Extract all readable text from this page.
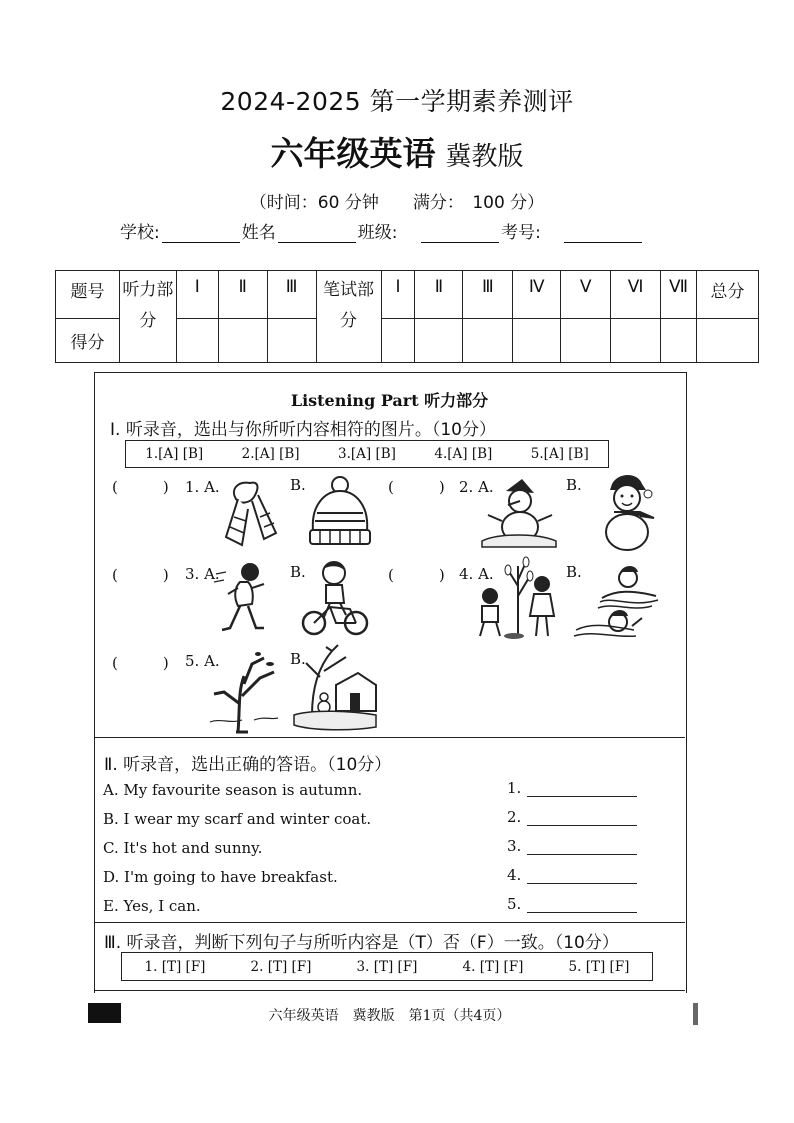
2024-2025 第一学期素养测评
六年级英语 冀教版
（时间：60 分钟　　满分：　100 分）
学校:	姓名	班级:	考号:
题号	听力部分	Ⅰ	Ⅱ	Ⅲ	笔试部分	Ⅰ	Ⅱ	Ⅲ	Ⅳ	Ⅴ	Ⅵ	Ⅶ	总分
得分													
Listening Part 听力部分
Ⅰ. 听录音，选出与你所听内容相符的图片。（10分）
1.[A] [B]	2.[A] [B]	3.[A] [B]	4.[A] [B]	5.[A] [B]
(　　　) 1. A.	B.	(　　　) 2. A.	B.
(　　　) 3. A.	B.	(　　　) 4. A.	B.
(　　　) 5. A.	B.
Ⅱ. 听录音，选出正确的答语。（10分）
A. My favourite season is autumn.
B. I wear my scarf and winter coat.
C. It's hot and sunny.
D. I'm going to have breakfast.
E. Yes, I can.
1.
2.
3.
4.
5.
Ⅲ. 听录音，判断下列句子与所听内容是（T）否（F）一致。（10分）
1. [T] [F]	2. [T] [F]	3. [T] [F]	4. [T] [F]	5. [T] [F]
六年级英语　冀教版　第1页（共4页）
